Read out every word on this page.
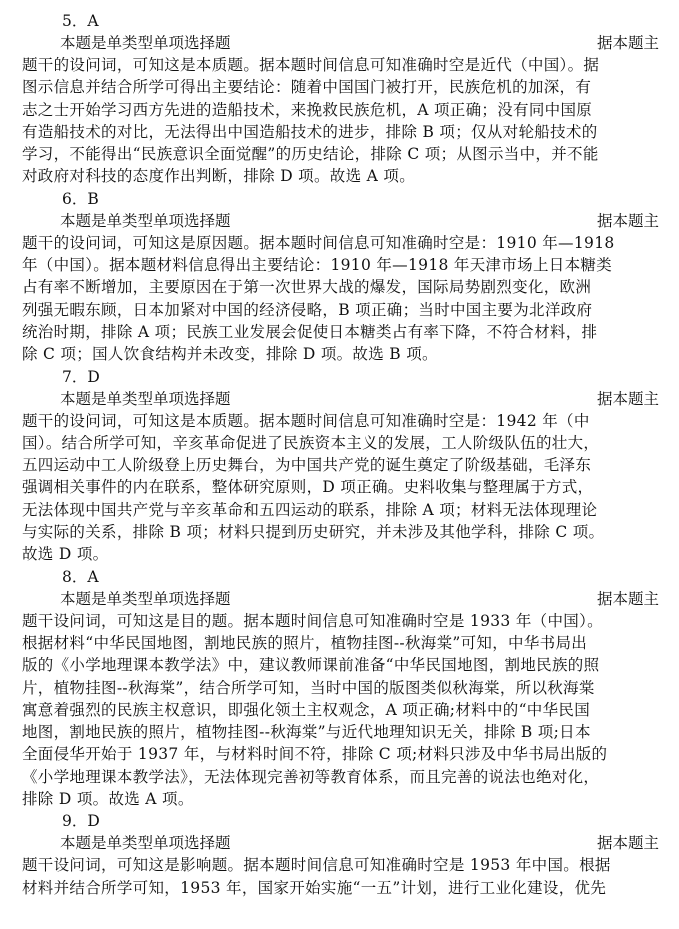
5．A
本题是单类型单项选择题	据本题主
题干的设问词，可知这是本质题。据本题时间信息可知准确时空是近代（中国）。据
图示信息并结合所学可得出主要结论：随着中国国门被打开，民族危机的加深，有
志之士开始学习西方先进的造船技术，来挽救民族危机，A 项正确；没有同中国原
有造船技术的对比，无法得出中国造船技术的进步，排除 B 项；仅从对轮船技术的
学习，不能得出“民族意识全面觉醒”的历史结论，排除 C 项；从图示当中，并不能
对政府对科技的态度作出判断，排除 D 项。故选 A 项。
6．B
本题是单类型单项选择题	据本题主
题干的设问词，可知这是原因题。据本题时间信息可知准确时空是：1910 年—1918
年（中国）。据本题材料信息得出主要结论：1910 年—1918 年天津市场上日本糖类
占有率不断增加，主要原因在于第一次世界大战的爆发，国际局势剧烈变化，欧洲
列强无暇东顾，日本加紧对中国的经济侵略，B 项正确；当时中国主要为北洋政府
统治时期，排除 A 项；民族工业发展会促使日本糖类占有率下降，不符合材料，排
除 C 项；国人饮食结构并未改变，排除 D 项。故选 B 项。
7．D
本题是单类型单项选择题	据本题主
题干的设问词，可知这是本质题。据本题时间信息可知准确时空是：1942 年（中
国）。结合所学可知，辛亥革命促进了民族资本主义的发展，工人阶级队伍的壮大，
五四运动中工人阶级登上历史舞台，为中国共产党的诞生奠定了阶级基础，毛泽东
强调相关事件的内在联系，整体研究原则，D 项正确。史料收集与整理属于方式，
无法体现中国共产党与辛亥革命和五四运动的联系，排除 A 项；材料无法体现理论
与实际的关系，排除 B 项；材料只提到历史研究，并未涉及其他学科，排除 C 项。
故选 D 项。
8．A
本题是单类型单项选择题	据本题主
题干设问词，可知这是目的题。据本题时间信息可知准确时空是 1933 年（中国）。
根据材料“中华民国地图，割地民族的照片，植物挂图--秋海棠”可知，中华书局出
版的《小学地理课本教学法》中，建议教师课前准备“中华民国地图，割地民族的照
片，植物挂图--秋海棠”，结合所学可知，当时中国的版图类似秋海棠，所以秋海棠
寓意着强烈的民族主权意识，即强化领土主权观念，A 项正确;材料中的“中华民国
地图，割地民族的照片，植物挂图--秋海棠”与近代地理知识无关，排除 B 项;日本
全面侵华开始于 1937 年，与材料时间不符，排除 C 项;材料只涉及中华书局出版的
《小学地理课本教学法》，无法体现完善初等教育体系，而且完善的说法也绝对化，
排除 D 项。故选 A 项。
9．D
本题是单类型单项选择题	据本题主
题干设问词，可知这是影响题。据本题时间信息可知准确时空是 1953 年中国。根据
材料并结合所学可知，1953 年，国家开始实施“一五”计划，进行工业化建设，优先
